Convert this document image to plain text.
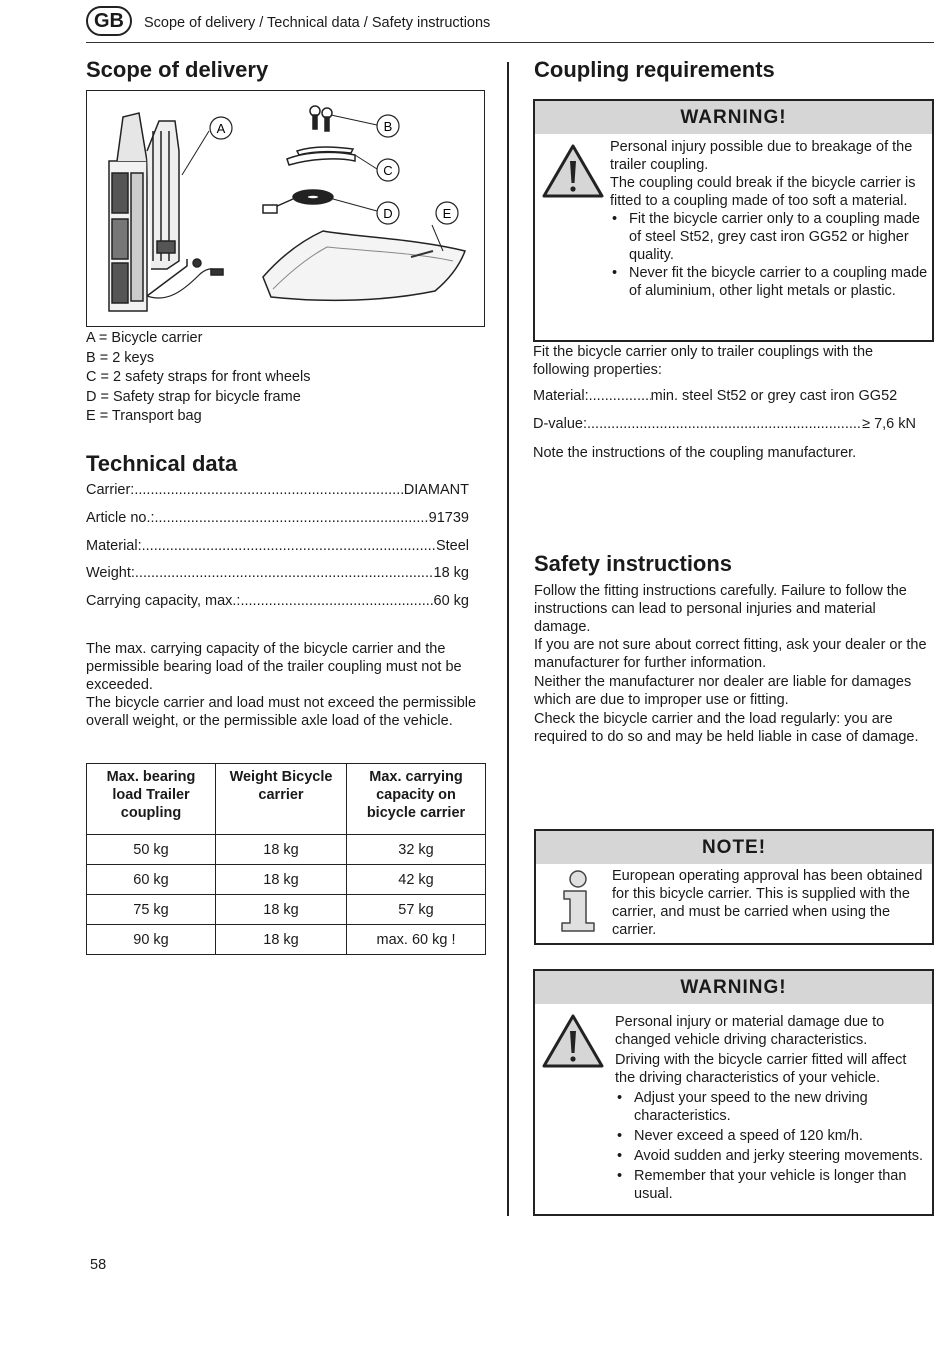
GB	Scope of delivery / Technical data / Safety instructions
Scope of delivery
A	B
C
D	E
A = Bicycle carrier
B = 2 keys
C = 2 safety straps for front wheels
D = Safety strap for bicycle frame
E = Transport bag
Technical data
Carrier: .....	DIAMANT
Article no.: .....	91739
Material: .....	Steel
Weight: .....	18 kg
Carrying capacity, max.: .....	60 kg
The max. carrying capacity of the bicycle carrier and the permissible bearing load of the trailer coupling must not be exceeded.
The bicycle carrier and load must not exceed the permissible overall weight, or the permissible axle load of the vehicle.
Max. bearing load Trailer coupling	Weight Bicycle carrier	Max. carrying capacity on bicycle carrier

50 kg	18 kg	32 kg
60 kg	18 kg	42 kg
75 kg	18 kg	57 kg
90 kg	18 kg	max. 60 kg !
Coupling requirements
WARNING!
Personal injury possible due to breakage of the trailer coupling.
The coupling could break if the bicycle carrier is fitted to a coupling made of too soft a material.
• Fit the bicycle carrier only to a coupling made of steel St52, grey cast iron GG52 or higher quality.
• Never fit the bicycle carrier to a coupling made of aluminium, other light metals or plastic.
Fit the bicycle carrier only to trailer couplings with the following properties:
Material: .....	min. steel St52 or grey cast iron GG52
D-value: .....	≥ 7,6 kN
Note the instructions of the coupling manufacturer.
Safety instructions
Follow the fitting instructions carefully. Failure to follow the instructions can lead to personal injuries and material damage.
If you are not sure about correct fitting, ask your dealer or the manufacturer for further information.
Neither the manufacturer nor dealer are liable for damages which are due to improper use or fitting.
Check the bicycle carrier and the load regularly: you are required to do so and may be held liable in case of damage.
NOTE!
European operating approval has been obtained for this bicycle carrier. This is supplied with the carrier, and must be carried when using the carrier.
WARNING!
Personal injury or material damage due to changed vehicle driving characteristics.
Driving with the bicycle carrier fitted will affect the driving characteristics of your vehicle.
• Adjust your speed to the new driving characteristics.
• Never exceed a speed of 120 km/h.
• Avoid sudden and jerky steering movements.
• Remember that your vehicle is longer than usual.
58
